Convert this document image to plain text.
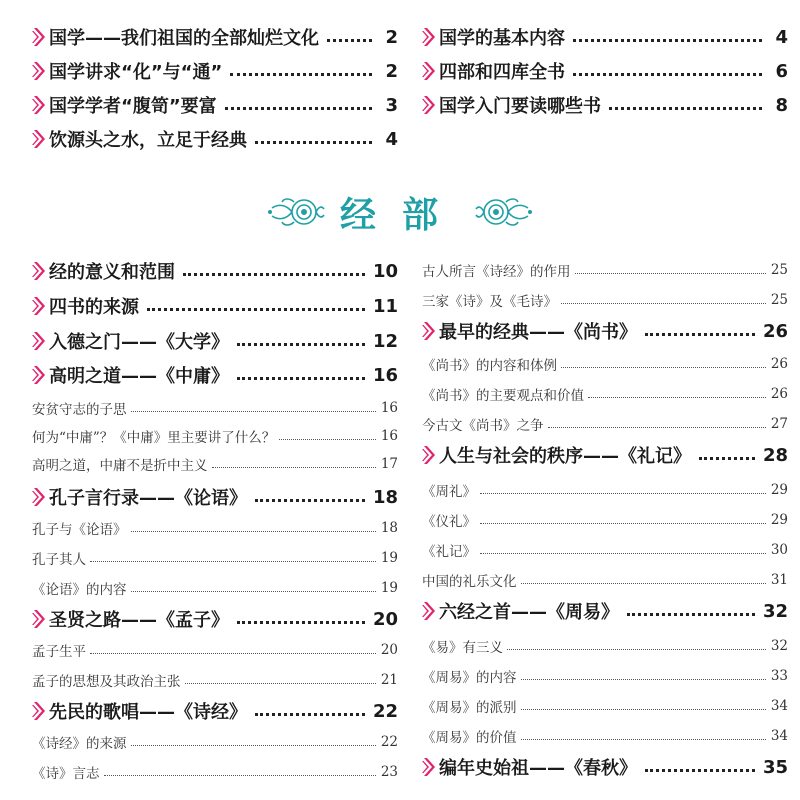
国学——我们祖国的全部灿烂文化	2
国学讲求“化”与“通”	2
国学学者“腹笥”要富	3
饮源头之水，立足于经典	4
国学的基本内容	4
四部和四库全书	6
国学入门要读哪些书	8
经部
经的意义和范围	10
四书的来源	11
入德之门——《大学》	12
高明之道——《中庸》	16
安贫守志的子思	16
何为“中庸”？《中庸》里主要讲了什么？	16
高明之道，中庸不是折中主义	17
孔子言行录——《论语》	18
孔子与《论语》	18
孔子其人	19
《论语》的内容	19
圣贤之路——《孟子》	20
孟子生平	20
孟子的思想及其政治主张	21
先民的歌唱——《诗经》	22
《诗经》的来源	22
《诗》言志	23
古人所言《诗经》的作用	25
三家《诗》及《毛诗》	25
最早的经典——《尚书》	26
《尚书》的内容和体例	26
《尚书》的主要观点和价值	26
今古文《尚书》之争	27
人生与社会的秩序——《礼记》	28
《周礼》	29
《仪礼》	29
《礼记》	30
中国的礼乐文化	31
六经之首——《周易》	32
《易》有三义	32
《周易》的内容	33
《周易》的派别	34
《周易》的价值	34
编年史始祖——《春秋》	35
